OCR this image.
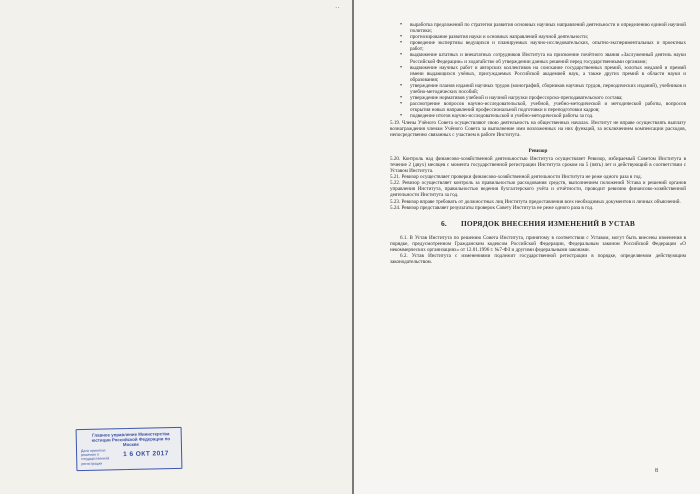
··
Главное управление Министерства юстиции Российской Федерации по Москве
Дата принятия решения о государственной регистрации
1 6 ОКТ 2017
• выработка предложений по стратегии развития основных научных направлений деятельности и определению единой научной политики;
• прогнозирование развития науки и основных направлений научной деятельности;
• проведение экспертизы ведущихся и планируемых научно-исследовательских, опытно-экспериментальных и проектных работ;
• выдвижение штатных и внештатных сотрудников Института на присвоение почётного звания «Заслуженный деятель науки Российской Федерации» и ходатайство об утверждении данных решений перед государственными органами;
• выдвижение научных работ и авторских коллективов на соискание государственных премий, золотых медалей и премий имени выдающихся учёных, присуждаемых Российской академией наук, а также других премий в области науки и образования;
• утверждение планов изданий научных трудов (монографий, сборников научных трудов, периодических изданий), учебников и учебно-методических пособий;
• утверждение нормативов учебной и научной нагрузки профессорско-преподавательского состава;
• рассмотрение вопросов научно-исследовательской, учебной, учебно-методической и методической работы, вопросов открытия новых направлений профессиональной подготовки и переподготовки кадров;
• подведение итогов научно-исследовательской и учебно-методической работы за год.

5.19. Члены Учёного Совета осуществляют свою деятельность на общественных началах. Институт не вправе осуществлять выплату вознаграждения членам Учёного Совета за выполнение ими возложенных на них функций, за исключением компенсации расходов, непосредственно связанных с участием в работе Института.

Ревизор

5.20. Контроль над финансово-хозяйственной деятельностью Института осуществляет Ревизор, избираемый Советом Института в течение 2 (двух) месяцев с момента государственной регистрации Института сроком на 5 (пять) лет и действующий в соответствии с Уставом Института.

5.21. Ревизор осуществляет проверки финансово-хозяйственной деятельности Института не реже одного раза в год.

5.22. Ревизор осуществляет контроль за правильностью расходования средств, выполнением положений Устава и решений органов управления Института, правильностью ведения бухгалтерского учёта и отчётности, проводит ревизию финансово-хозяйственной деятельности Института за год.

5.23. Ревизор вправе требовать от должностных лиц Института предоставления всех необходимых документов и личных объяснений.

5.24. Ревизор представляет результаты проверок Совету Института не реже одного раза в год.

6. ПОРЯДОК ВНЕСЕНИЯ ИЗМЕНЕНИЙ В УСТАВ

6.1. В Устав Института по решению Совета Института, принятому в соответствии с Уставом, могут быть внесены изменения в порядке, предусмотренном Гражданским кодексом Российской Федерации, Федеральным законом Российской Федерации «О некоммерческих организациях» от 12.01.1996 г. №7-ФЗ и другими федеральными законами.

6.2. Устав Института с изменениями подлежит государственной регистрации в порядке, определяемом действующим законодательством.

8
